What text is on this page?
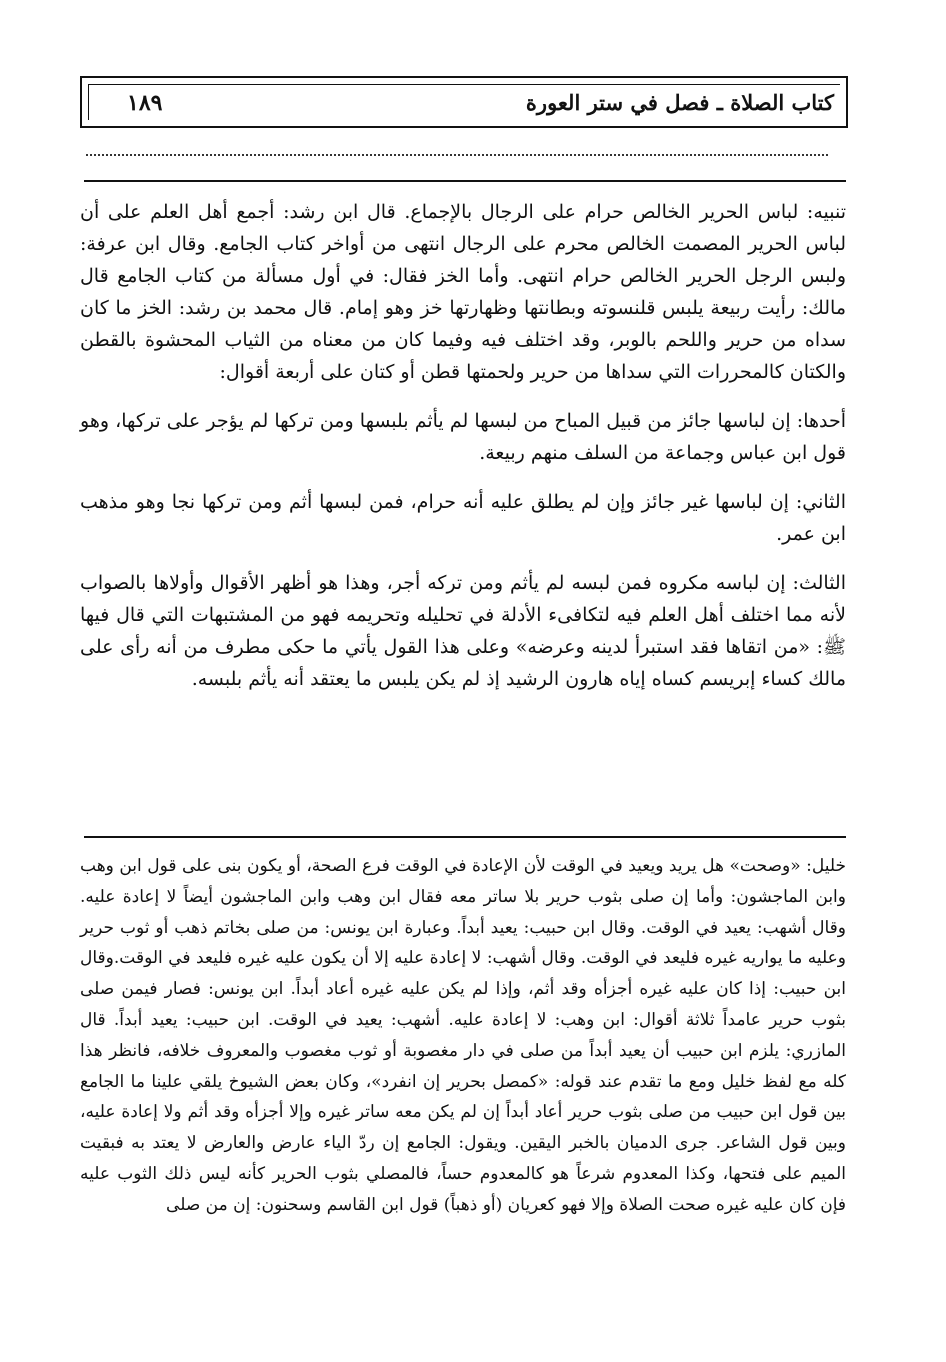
كتاب الصلاة ـ فصل في ستر العورة
١٨٩

تنبيه: لباس الحرير الخالص حرام على الرجال بالإجماع. قال ابن رشد: أجمع أهل العلم على أن لباس الحرير المصمت الخالص محرم على الرجال انتهى من أواخر كتاب الجامع. وقال ابن عرفة: ولبس الرجل الحرير الخالص حرام انتهى. وأما الخز فقال: في أول مسألة من كتاب الجامع قال مالك: رأيت ربيعة يلبس قلنسوته وبطانتها وظهارتها خز وهو إمام. قال محمد بن رشد: الخز ما كان سداه من حرير واللحم بالوبر، وقد اختلف فيه وفيما كان من معناه من الثياب المحشوة بالقطن والكتان كالمحررات التي سداها من حرير ولحمتها قطن أو كتان على أربعة أقوال:

أحدها: إن لباسها جائز من قبيل المباح من لبسها لم يأثم بلبسها ومن تركها لم يؤجر على تركها، وهو قول ابن عباس وجماعة من السلف منهم ربيعة.

الثاني: إن لباسها غير جائز وإن لم يطلق عليه أنه حرام، فمن لبسها أثم ومن تركها نجا وهو مذهب ابن عمر.

الثالث: إن لباسه مكروه فمن لبسه لم يأثم ومن تركه أجر، وهذا هو أظهر الأقوال وأولاها بالصواب لأنه مما اختلف أهل العلم فيه لتكافىء الأدلة في تحليله وتحريمه فهو من المشتبهات التي قال فيها ﷺ: «من اتقاها فقد استبرأ لدينه وعرضه» وعلى هذا القول يأتي ما حكى مطرف من أنه رأى على مالك كساء إبريسم كساه إياه هارون الرشيد إذ لم يكن يلبس ما يعتقد أنه يأثم بلبسه.

خليل: «وصحت» هل يريد ويعيد في الوقت لأن الإعادة في الوقت فرع الصحة، أو يكون بنى على قول ابن وهب وابن الماجشون: وأما إن صلى بثوب حرير بلا ساتر معه فقال ابن وهب وابن الماجشون أيضاً لا إعادة عليه. وقال أشهب: يعيد في الوقت. وقال ابن حبيب: يعيد أبداً. وعبارة ابن يونس: من صلى بخاتم ذهب أو ثوب حرير وعليه ما يواريه غيره فليعد في الوقت. وقال أشهب: لا إعادة عليه إلا أن يكون عليه غيره فليعد في الوقت.وقال ابن حبيب: إذا كان عليه غيره أجزأه وقد أثم، وإذا لم يكن عليه غيره أعاد أبداً. ابن يونس: فصار فيمن صلى بثوب حرير عامداً ثلاثة أقوال: ابن وهب: لا إعادة عليه. أشهب: يعيد في الوقت. ابن حبيب: يعيد أبداً. قال المازري: يلزم ابن حبيب أن يعيد أبداً من صلى في دار مغصوبة أو ثوب مغصوب والمعروف خلافه، فانظر هذا كله مع لفظ خليل ومع ما تقدم عند قوله: «كمصل بحرير إن انفرد»، وكان بعض الشيوخ يلقي علينا ما الجامع بين قول ابن حبيب من صلى بثوب حرير أعاد أبداً إن لم يكن معه ساتر غيره وإلا أجزأه وقد أثم ولا إعادة عليه، وبين قول الشاعر. جرى الدميان بالخبر اليقين. ويقول: الجامع إن ردّ الياء عارض والعارض لا يعتد به فبقيت الميم على فتحها، وكذا المعدوم شرعاً هو كالمعدوم حساً، فالمصلي بثوب الحرير كأنه ليس ذلك الثوب عليه فإن كان عليه غيره صحت الصلاة وإلا فهو كعريان (أو ذهباً) قول ابن القاسم وسحنون: إن من صلى
